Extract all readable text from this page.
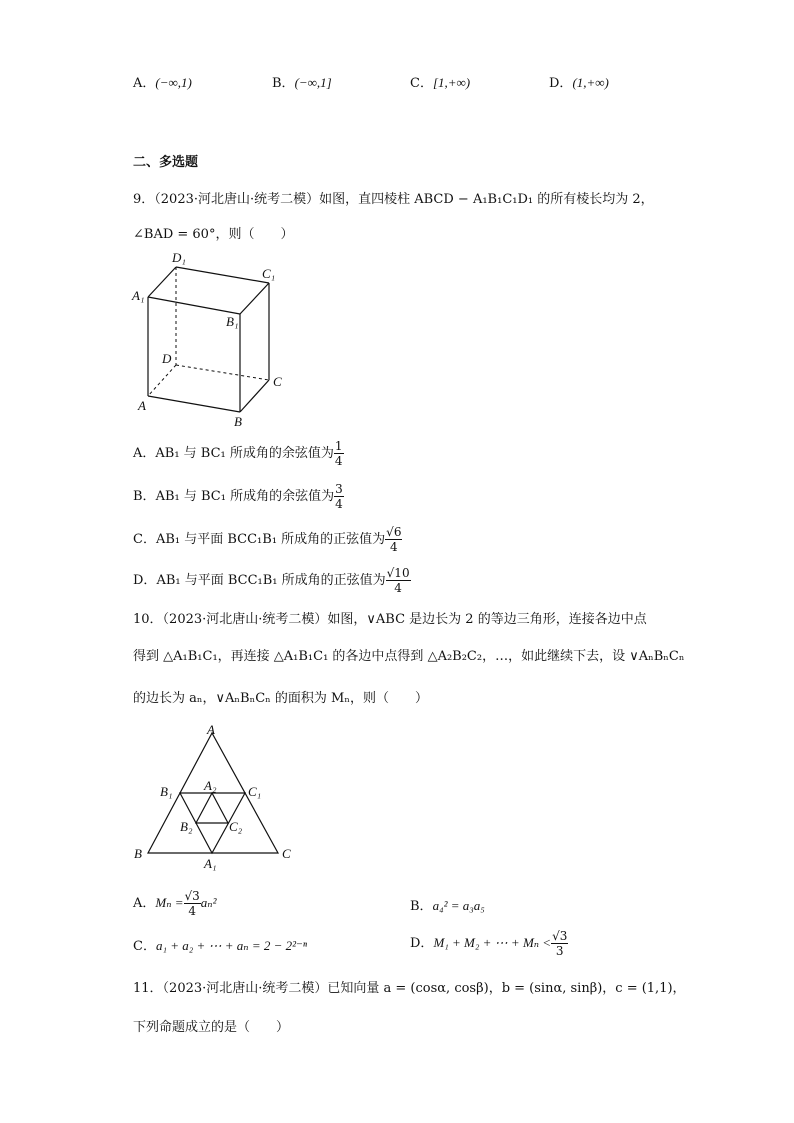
A．(−∞,1)	B．(−∞,1]	C．[1,+∞)	D．(1,+∞)
二、多选题
9．（2023·河北唐山·统考二模）如图，直四棱柱 ABCD − A₁B₁C₁D₁ 的所有棱长均为 2，
∠BAD = 60°，则（　　）
D₁
C₁
A₁
B₁
D
C
A
B
A．AB₁ 与 BC₁ 所成角的余弦值为 $\frac{1}{4}$
B．AB₁ 与 BC₁ 所成角的余弦值为 $\frac{3}{4}$
C．AB₁ 与平面 BCC₁B₁ 所成角的正弦值为 $\frac{√6}{4}$
D．AB₁ 与平面 BCC₁B₁ 所成角的正弦值为 $\frac{√10}{4}$
10．（2023·河北唐山·统考二模）如图，∨ABC 是边长为 2 的等边三角形，连接各边中点
得到 △A₁B₁C₁，再连接 △A₁B₁C₁ 的各边中点得到 △A₂B₂C₂，…，如此继续下去，设 ∨AₙBₙCₙ
的边长为 aₙ，∨AₙBₙCₙ 的面积为 Mₙ，则（　　）
A
B₁ A₂ C₁
B₂	C₂
B
A₁
C
A．$M_n = \frac{√3}{4} a_n^2$	B．a₄² = a₃a₅
C．a₁ + a₂ + ⋯ + aₙ = 2 − 2²⁻ⁿ	D．M₁ + M₂ + ⋯ + $M_n < \frac{√3}{3}$
11．（2023·河北唐山·统考二模）已知向量 a = (cosα, cosβ)，b = (sinα, sinβ)，c = (1,1)，
下列命题成立的是（　　）
